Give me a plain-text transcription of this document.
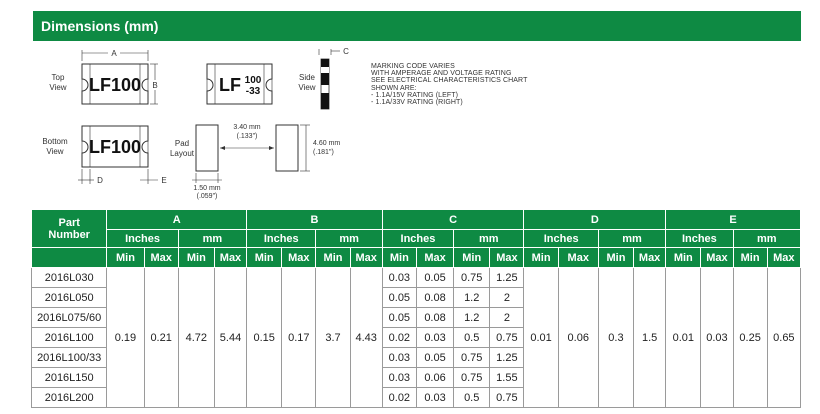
Dimensions (mm)
Top
View LF100
A
B	LF 100
-33
Side
View
C
Bottom
View LF100
D	E
Pad
Layout
3.40 mm
(.133")
4.60 mm
(.181")
1.50 mm
(.059")
MARKING CODE VARIES
WITH AMPERAGE AND VOLTAGE RATING
SEE ELECTRICAL CHARACTERISTICS CHART
SHOWN ARE:
- 1.1A/15V RATING (LEFT)
- 1.1A/33V RATING (RIGHT)
Part
Number	A				B				C				D				E			
	Inches		mm		Inches		mm		Inches		mm		Inches		mm		Inches		mm	
	Min	Max	Min	Max	Min	Max	Min	Max	Min	Max	Min	Max	Min	Max	Min	Max	Min	Max	Min	Max
2016L030	0.19	0.21	4.72	5.44	0.15	0.17	3.7	4.43	0.03	0.05	0.75	1.25	0.01	0.06	0.3	1.5	0.01	0.03	0.25	0.65
2016L050									0.05	0.08	1.2	2								
2016L075/60									0.05	0.08	1.2	2								
2016L100									0.02	0.03	0.5	0.75								
2016L100/33									0.03	0.05	0.75	1.25								
2016L150									0.03	0.06	0.75	1.55								
2016L200									0.02	0.03	0.5	0.75								
